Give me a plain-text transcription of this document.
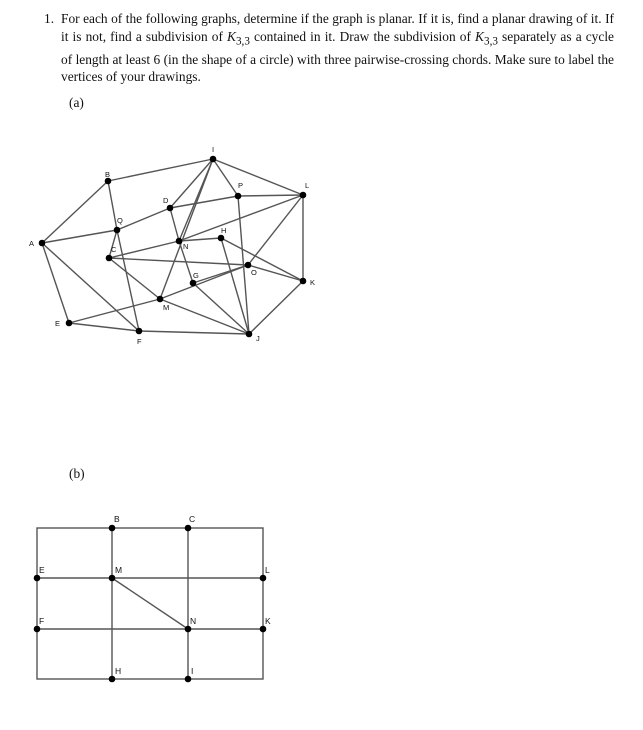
1. For each of the following graphs, determine if the graph is planar. If it is, find a planar drawing of it. If it is not, find a subdivision of $K_{3,3}$ contained in it. Draw the subdivision of $K_{3,3}$ separately as a cycle of length at least 6 (in the shape of a circle) with three pairwise-crossing chords. Make sure to label the vertices of your drawings.
(a)
(b)
A
B
C
D
E
F
G
H
I
J
K
L
M
N
O
P
Q
B	C
E
F
H	I
K
L
M
N
